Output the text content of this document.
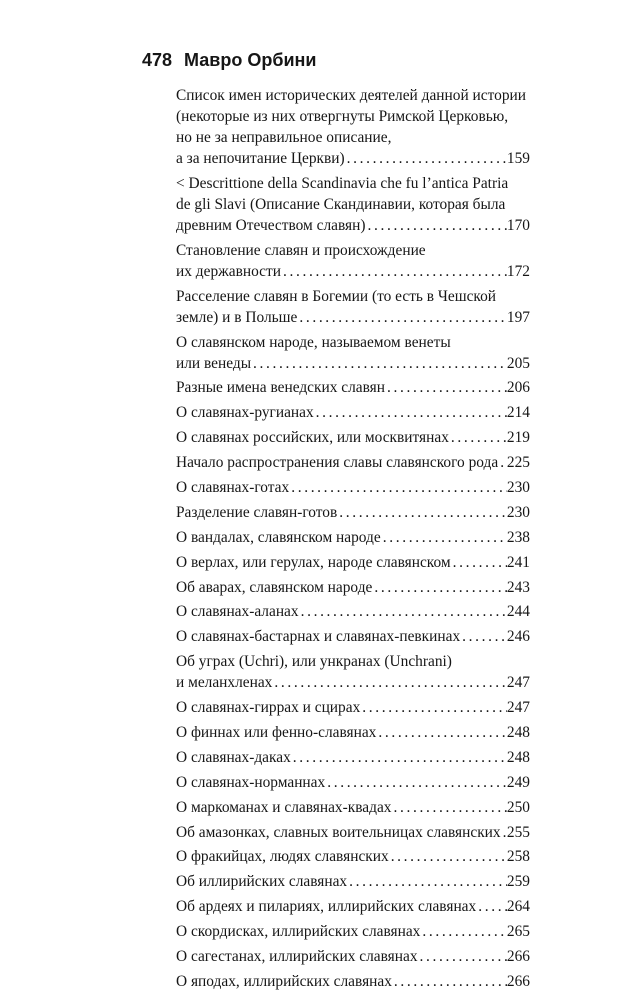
478 Мавро Орбини
Список имен исторических деятелей данной истории
(некоторые из них отвергнуты Римской Церковью,
но не за неправильное описание,
а за непочитание Церкви) . . .	159
< Descrittione della Scandinavia che fu l’antica Patria
de gli Slavi (Описание Скандинавии, которая была
древним Отечеством славян) . . .	170
Становление славян и происхождение
их державности . . .	172
Расселение славян в Богемии (то есть в Чешской
земле) и в Польше . . .	197
О славянском народе, называемом венеты
или венеды . . .	205
Разные имена венедских славян . . .	206
О славянах-ругианах . . .	214
О славянах российских, или москвитянах . . .	219
Начало распространения славы славянского рода . . . 225
О славянах-готах . . .	230
Разделение славян-готов . . .	230
О вандалах, славянском народе . . .	238
О верлах, или герулах, народе славянском . . .	241
Об аварах, славянском народе . . .	243
О славянах-аланах . . .	244
О славянах-бастарнах и славянах-певкинах . . .	246
Об уграх (Uchri), или ункранах (Unchrani)
и меланхленах . . .	247
О славянах-гиррах и сцирах . . .	247
О финнах или фенно-славянах . . .	248
О славянах-даках . . .	248
О славянах-норманнах . . .	249
О маркоманах и славянах-квадах . . .	250
Об амазонках, славных воительницах славянских . . . 255
О фракийцах, людях славянских . . .	258
Об иллирийских славянах . . .	259
Об ардеях и пилариях, иллирийских славянах . . . 264
О скордисках, иллирийских славянах . . .	265
О сагестанах, иллирийских славянах . . .	266
О яподах, иллирийских славянах . . .	266
